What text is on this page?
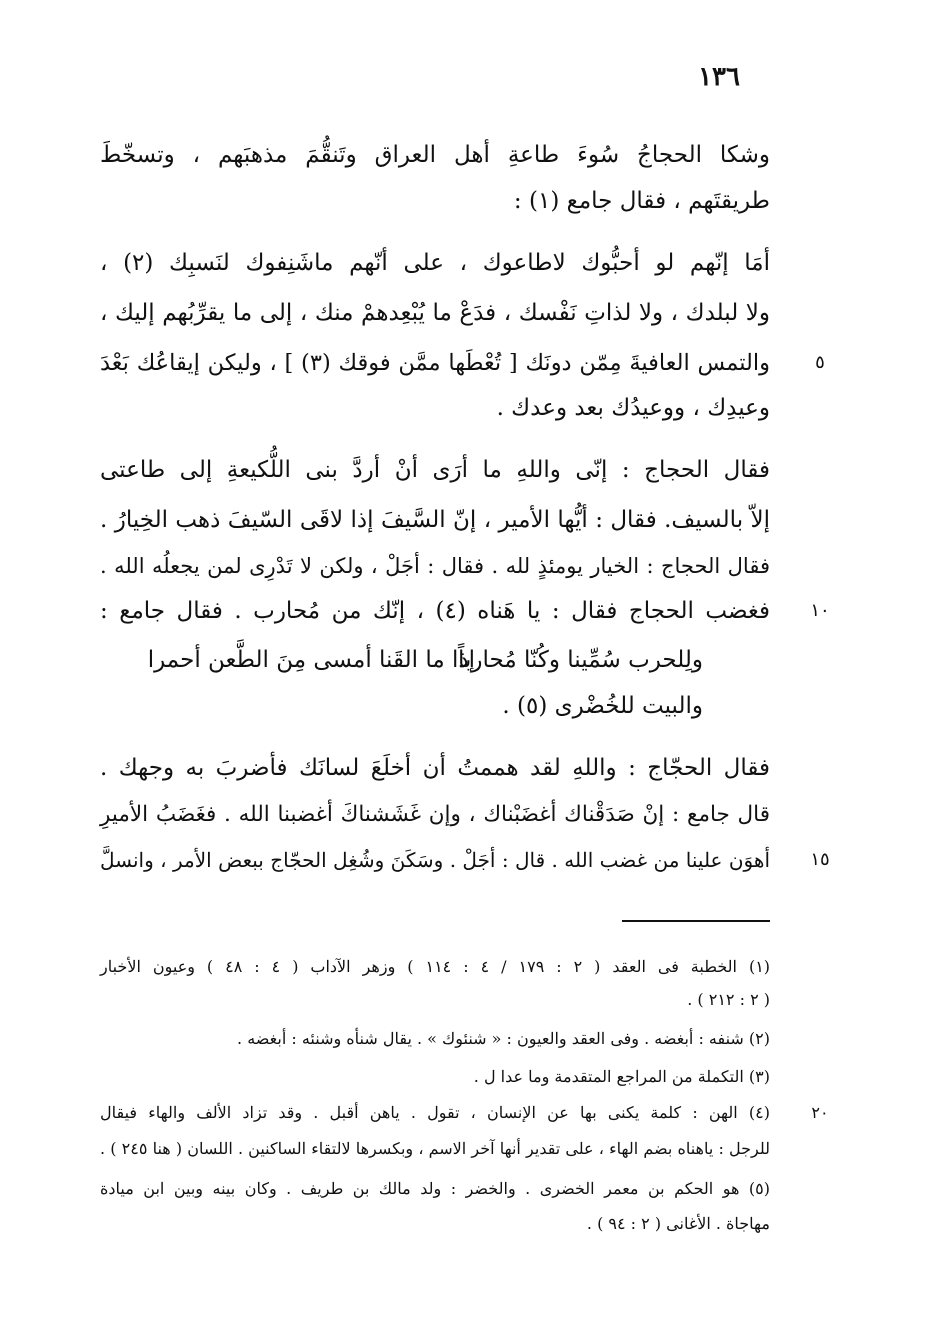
١٣٦
وشكا الحجاجُ سُوءَ طاعةِ أهل العراق وتَنقُّمَ مذهبَهم ، وتسخّطَ
طريقتَهم ، فقال جامع (١) :
أمَا إنّهم لو أحبُّوك لاطاعوك ، على أنّهم ماشَنِفوك لنَسبِك (٢) ،
ولا لبلدك ، ولا لذاتِ نَفْسك ، فدَعْ ما يُبْعِدهمْ منك ، إلى ما يقرِّبُهم إليك ،
والتمس العافيةَ مِمّن دونَك [ تُعْطَها ممَّن فوقك (٣) ] ، وليكن إيقاعُك بَعْدَ	٥
وعيدِك ، ووعيدُك بعد وعدك .
فقال الحجاج : إنّى واللهِ ما أرَى أنْ أردَّ بنى اللُّكيعةِ إلى طاعتى
إلاّ بالسيف. فقال : أيُّها الأمير ، إنّ السَّيفَ إذا لاقَى السّيفَ ذهب الخِيارُ .
فقال الحجاج : الخيار يومئذٍ لله . فقال : أجَلْ ، ولكن لا تَدْرِى لمن يجعلُه الله .
فغضب الحجاج فقال : يا هَناه (٤) ، إنّك من مُحارب . فقال جامع :	١٠
ولِلحرب سُمِّينا وكُنّا مُحارباً
إذا ما القَنا أمسى مِنَ الطَّعن أحمرا
والبيت للخُضْرى (٥) .
فقال الحجّاج : واللهِ لقد هممتُ أن أخلَعَ لسانَك فأضربَ به وجهك .
قال جامع : إنْ صَدَقْناك أغضَبْناك ، وإن غَشَشناكَ أغضبنا الله . فغَضَبُ الأميرِ
أهوَن علينا من غضب الله . قال : أجَلْ . وسَكَنَ وشُغِل الحجّاج ببعض الأمر ، وانسلَّ	١٥
(١) الخطبة فى العقد ( ٢ : ١٧٩ / ٤ : ١١٤ ) وزهر الآداب ( ٤ : ٤٨ ) وعيون الأخبار
( ٢ : ٢١٢ ) .
(٢) شنفه : أبغضه . وفى العقد والعيون : « شنئوك » . يقال شنأه وشنئه : أبغضه .
(٣) التكملة من المراجع المتقدمة وما عدا ل .
(٤) الهن : كلمة يكنى بها عن الإنسان ، تقول . ياهن أقبل . وقد تزاد الألف والهاء فيقال	٢٠
للرجل : ياهناه بضم الهاء ، على تقدير أنها آخر الاسم ، وبكسرها لالتقاء الساكنين . اللسان ( هنا ٢٤٥ ) .
(٥) هو الحكم بن معمر الخضرى . والخضر : ولد مالك بن طريف . وكان بينه وبين ابن ميادة
مهاجاة . الأغانى ( ٢ : ٩٤ ) .
